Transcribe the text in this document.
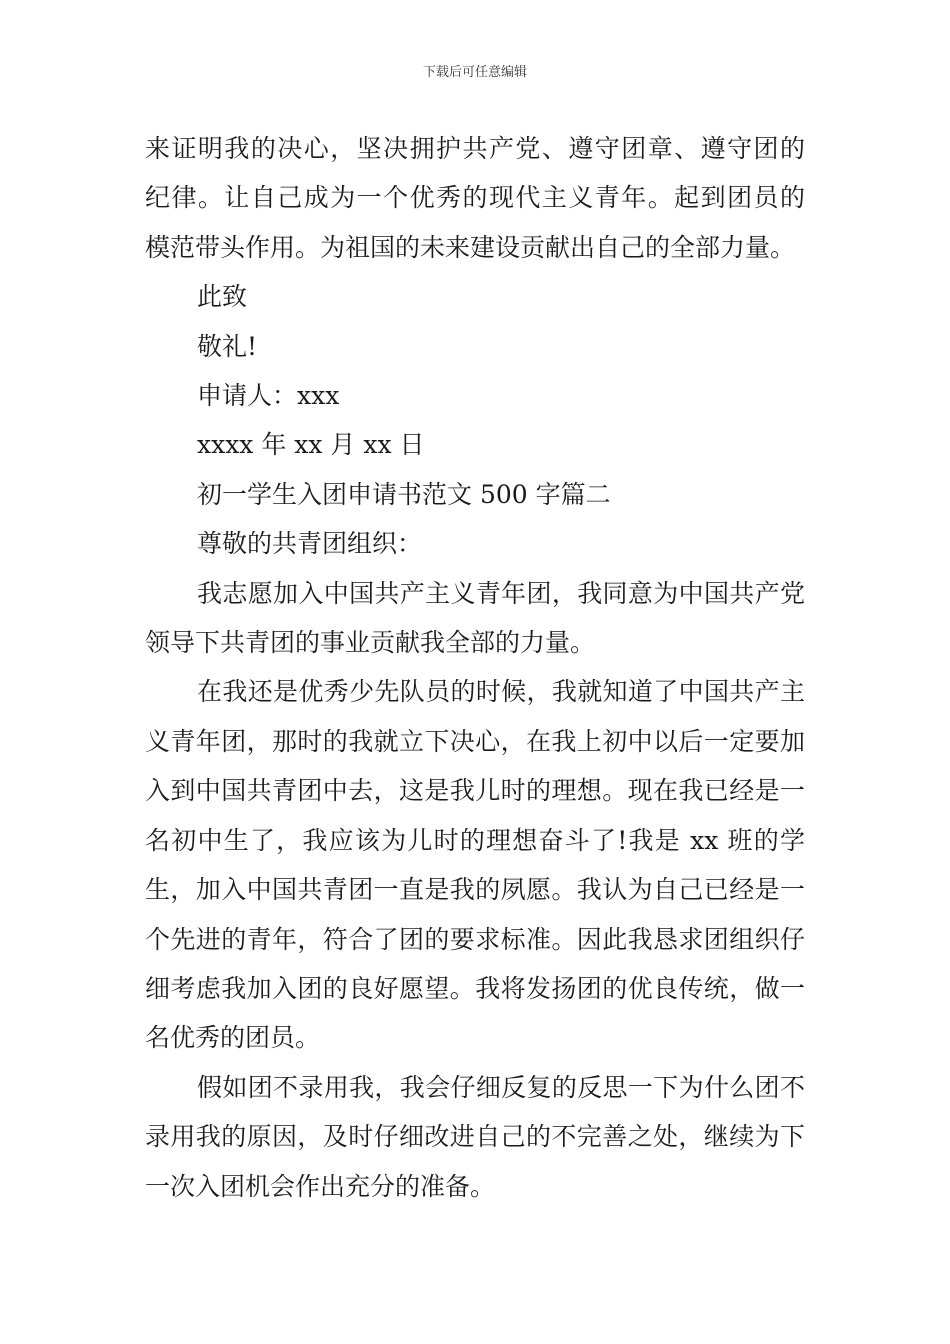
下载后可任意编辑

来证明我的决心，坚决拥护共产党、遵守团章、遵守团的

纪律。让自己成为一个优秀的现代主义青年。起到团员的

模范带头作用。为祖国的未来建设贡献出自己的全部力量。

此致

敬礼!

申请人：xxx

xxxx 年 xx 月 xx 日

初一学生入团申请书范文 500 字篇二

尊敬的共青团组织：

我志愿加入中国共产主义青年团，我同意为中国共产党领导下共青团的事业贡献我全部的力量。

在我还是优秀少先队员的时候，我就知道了中国共产主义青年团，那时的我就立下决心，在我上初中以后一定要加入到中国共青团中去，这是我儿时的理想。现在我已经是一名初中生了，我应该为儿时的理想奋斗了!我是 xx 班的学生，加入中国共青团一直是我的夙愿。我认为自己已经是一个先进的青年，符合了团的要求标准。因此我恳求团组织仔细考虑我加入团的良好愿望。我将发扬团的优良传统，做一名优秀的团员。

假如团不录用我，我会仔细反复的反思一下为什么团不录用我的原因，及时仔细改进自己的不完善之处，继续为下一次入团机会作出充分的准备。
